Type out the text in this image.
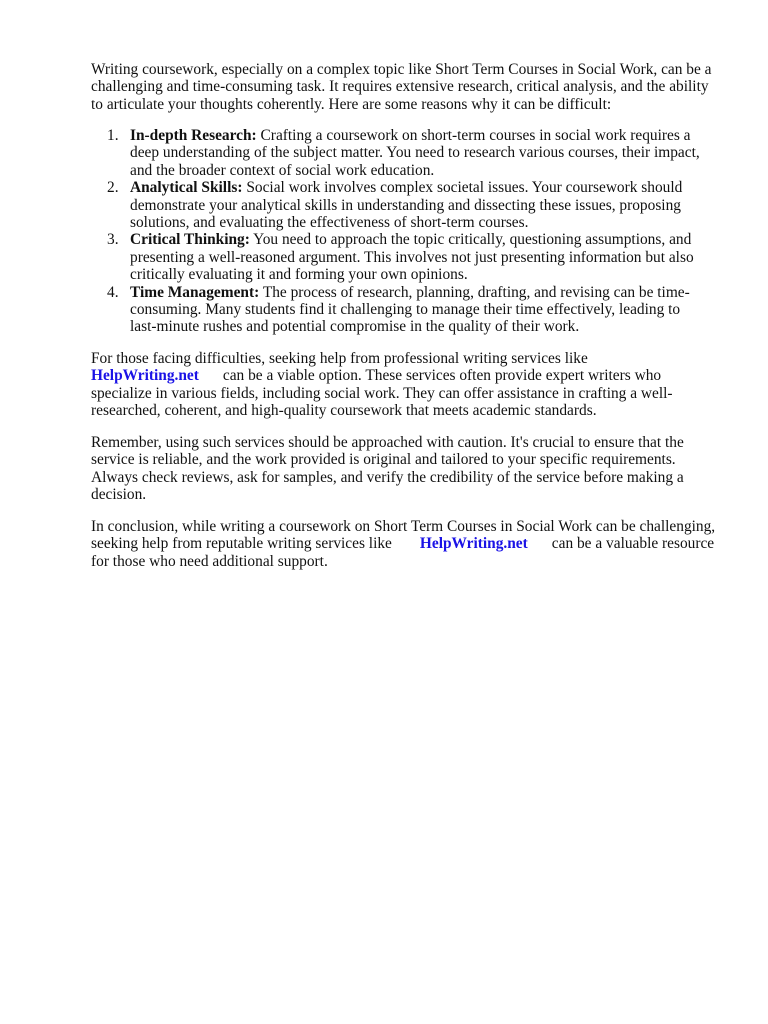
Writing coursework, especially on a complex topic like Short Term Courses in Social Work, can be a
challenging and time-consuming task. It requires extensive research, critical analysis, and the ability
to articulate your thoughts coherently. Here are some reasons why it can be difficult:

1. In-depth Research: Crafting a coursework on short-term courses in social work requires a
deep understanding of the subject matter. You need to research various courses, their impact,
and the broader context of social work education.
2. Analytical Skills: Social work involves complex societal issues. Your coursework should
demonstrate your analytical skills in understanding and dissecting these issues, proposing
solutions, and evaluating the effectiveness of short-term courses.
3. Critical Thinking: You need to approach the topic critically, questioning assumptions, and
presenting a well-reasoned argument. This involves not just presenting information but also
critically evaluating it and forming your own opinions.
4. Time Management: The process of research, planning, drafting, and revising can be time-
consuming. Many students find it challenging to manage their time effectively, leading to
last-minute rushes and potential compromise in the quality of their work.

For those facing difficulties, seeking help from professional writing services like
HelpWriting.net can be a viable option. These services often provide expert writers who
specialize in various fields, including social work. They can offer assistance in crafting a well-
researched, coherent, and high-quality coursework that meets academic standards.

Remember, using such services should be approached with caution. It's crucial to ensure that the
service is reliable, and the work provided is original and tailored to your specific requirements.
Always check reviews, ask for samples, and verify the credibility of the service before making a
decision.

In conclusion, while writing a coursework on Short Term Courses in Social Work can be challenging,
seeking help from reputable writing services like HelpWriting.net can be a valuable resource
for those who need additional support.
